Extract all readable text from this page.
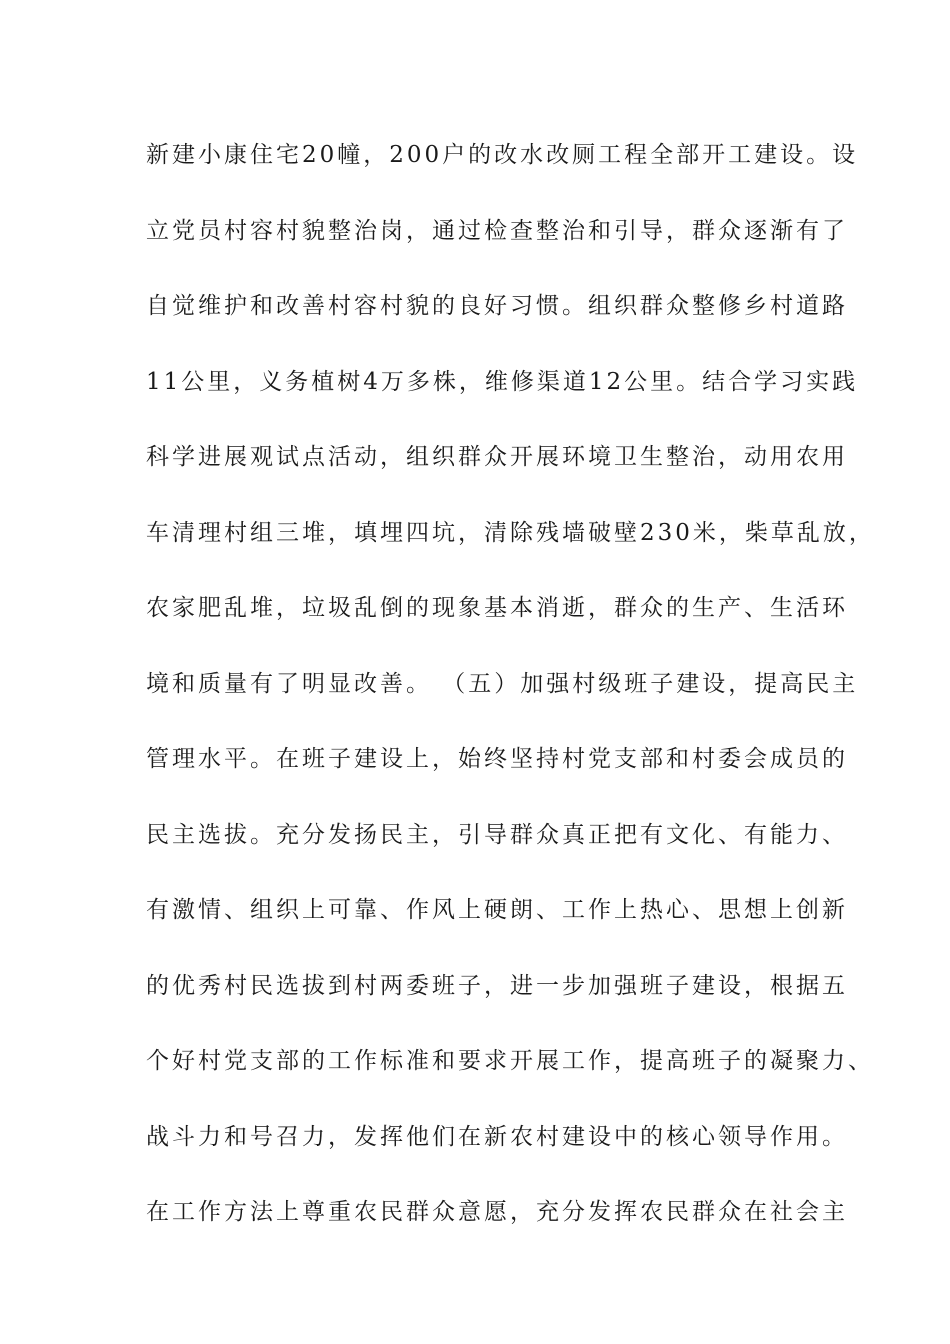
新建小康住宅20幢，200户的改水改厕工程全部开工建设。设
立党员村容村貌整治岗，通过检查整治和引导，群众逐渐有了
自觉维护和改善村容村貌的良好习惯。组织群众整修乡村道路
11公里，义务植树4万多株，维修渠道12公里。结合学习实践
科学进展观试点活动，组织群众开展环境卫生整治，动用农用
车清理村组三堆，填埋四坑，清除残墙破壁230米，柴草乱放，
农家肥乱堆，垃圾乱倒的现象基本消逝，群众的生产、生活环
境和质量有了明显改善。 （五）加强村级班子建设，提高民主
管理水平。在班子建设上，始终坚持村党支部和村委会成员的
民主选拔。充分发扬民主，引导群众真正把有文化、有能力、
有激情、组织上可靠、作风上硬朗、工作上热心、思想上创新
的优秀村民选拔到村两委班子，进一步加强班子建设，根据五
个好村党支部的工作标准和要求开展工作，提高班子的凝聚力、
战斗力和号召力，发挥他们在新农村建设中的核心领导作用。
在工作方法上尊重农民群众意愿，充分发挥农民群众在社会主
